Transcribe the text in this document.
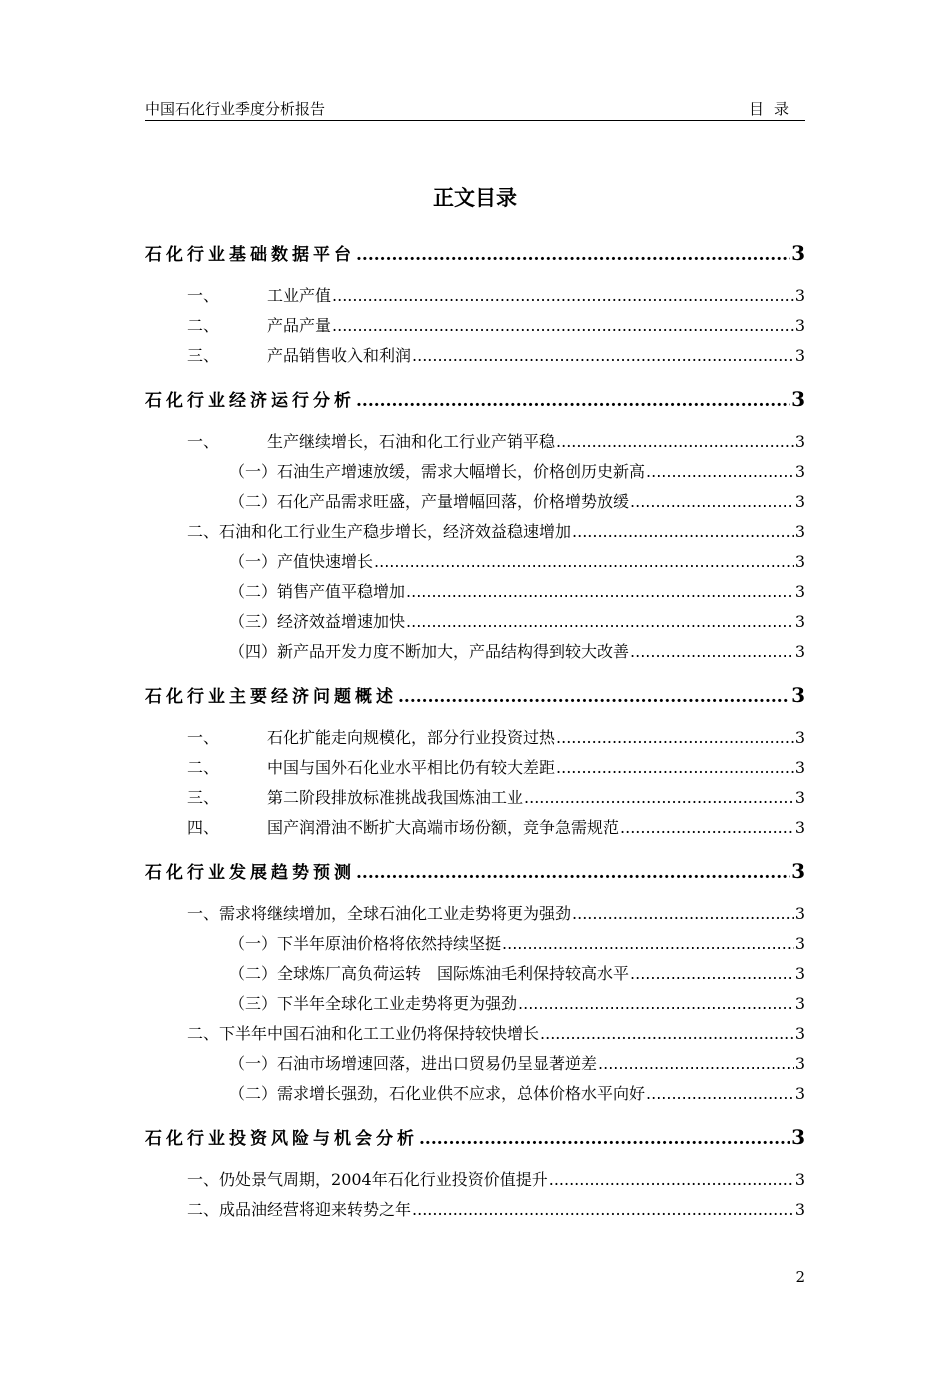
中国石化行业季度分析报告	目录
正文目录
石化行业基础数据平台 .....	3
一、	工业产值 .....	3
二、	产品产量 .....	3
三、	产品销售收入和利润 .....	3
石化行业经济运行分析 .....	3
一、	生产继续增长，石油和化工行业产销平稳 .....	3
（一）石油生产增速放缓，需求大幅增长，价格创历史新高 .....	3
（二）石化产品需求旺盛，产量增幅回落，价格增势放缓 .....	3
二、石油和化工行业生产稳步增长，经济效益稳速增加 .....	3
（一）产值快速增长 .....	3
（二）销售产值平稳增加 .....	3
（三）经济效益增速加快 .....	3
（四）新产品开发力度不断加大，产品结构得到较大改善 .....	3
石化行业主要经济问题概述 .....	3
一、	石化扩能走向规模化，部分行业投资过热 .....	3
二、	中国与国外石化业水平相比仍有较大差距 .....	3
三、	第二阶段排放标准挑战我国炼油工业 .....	3
四、	国产润滑油不断扩大高端市场份额，竞争急需规范 .....	3
石化行业发展趋势预测 .....	3
一、需求将继续增加，全球石油化工业走势将更为强劲 .....	3
（一）下半年原油价格将依然持续坚挺 .....	3
（二）全球炼厂高负荷运转　国际炼油毛利保持较高水平 .....	3
（三）下半年全球化工业走势将更为强劲 .....	3
二、下半年中国石油和化工工业仍将保持较快增长 .....	3
（一）石油市场增速回落，进出口贸易仍呈显著逆差 .....	3
（二）需求增长强劲，石化业供不应求，总体价格水平向好 .....	3
石化行业投资风险与机会分析 .....	3
一、仍处景气周期，2004年石化行业投资价值提升 .....	3
二、成品油经营将迎来转势之年 .....	3
2
